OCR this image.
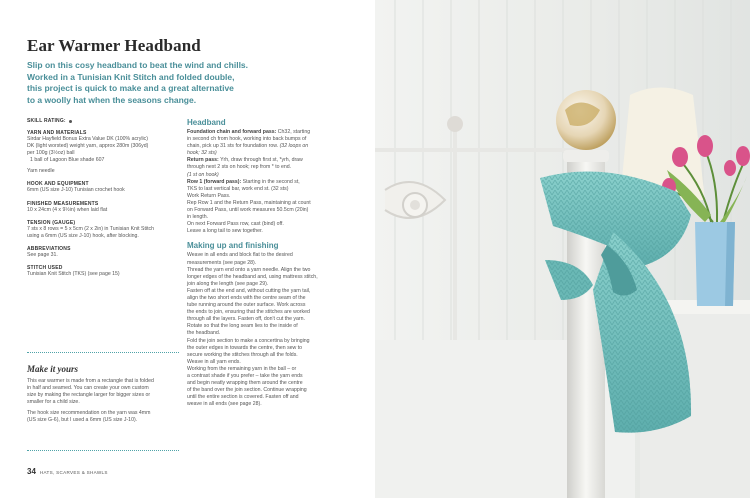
Ear Warmer Headband

Slip on this cosy headband to beat the wind and chills.
Worked in a Tunisian Knit Stitch and folded double,
this project is quick to make and a great alternative
to a woolly hat when the seasons change.

SKILL RATING:

YARN AND MATERIALS

Sirdar Hayfield Bonus Extra Value DK (100% acrylic)

DK (light worsted) weight yarn, approx 280m (306yd)

per 100g (3½oz) ball

1 ball of Lagoon Blue shade 607

Yarn needle

HOOK AND EQUIPMENT

6mm (US size J-10) Tunisian crochet hook

FINISHED MEASUREMENTS

10 x 24cm (4 x 9½in) when laid flat

TENSION (GAUGE)

7 sts x 8 rows = 5 x 5cm (2 x 2in) in Tunisian Knit Stitch

using a 6mm (US size J-10) hook, after blocking.

ABBREVIATIONS

See page 31.

STITCH USED

Tunisian Knit Stitch (TKS) (see page 15)

Make it yours

This ear warmer is made from a rectangle that is folded

in half and seamed. You can create your own custom

size by making the rectangle larger for bigger sizes or

smaller for a child size.

The hook size recommendation on the yarn was 4mm

(US size G-6), but I used a 6mm (US size J-10).

Headband

Foundation chain and forward pass: Ch32, starting

in second ch from hook, working into back bumps of

chain, pick up 31 sts for foundation row. (32 loops on

hook; 32 sts)

Return pass: Yrh, draw through first st, *yrh, draw

through next 2 sts on hook; rep from * to end.

(1 st on hook)

Row 1 (forward pass): Starting in the second st,

TKS to last vertical bar, work end st. (32 sts)

Work Return Pass.

Rep Row 1 and the Return Pass, maintaining at count

on Forward Pass, until work measures 50.5cm (20in)

in length.

On next Forward Pass row, cast (bind) off.

Leave a long tail to sew together.

Making up and finishing

Weave in all ends and block flat to the desired

measurements (see page 28).

Thread the yarn end onto a yarn needle. Align the two

longer edges of the headband and, using mattress stitch,

join along the length (see page 29).

Fasten off at the end and, without cutting the yarn tail,

align the two short ends with the centre seam of the

tube running around the outer surface. Work across

the ends to join, ensuring that the stitches are worked

through all the layers. Fasten off, don't cut the yarn.

Rotate so that the long seam lies to the inside of

the headband.

Fold the join section to make a concertina by bringing

the outer edges in towards the centre, then sew to

secure working the stitches through all the folds.

Weave in all yarn ends.

Working from the remaining yarn in the ball – or

a contrast shade if you prefer – take the yarn ends

and begin neatly wrapping them around the centre

of the band over the join section. Continue wrapping

until the entire section is covered. Fasten off and

weave in all ends (see page 28).

34 HATS, SCARVES & SHAWLS
